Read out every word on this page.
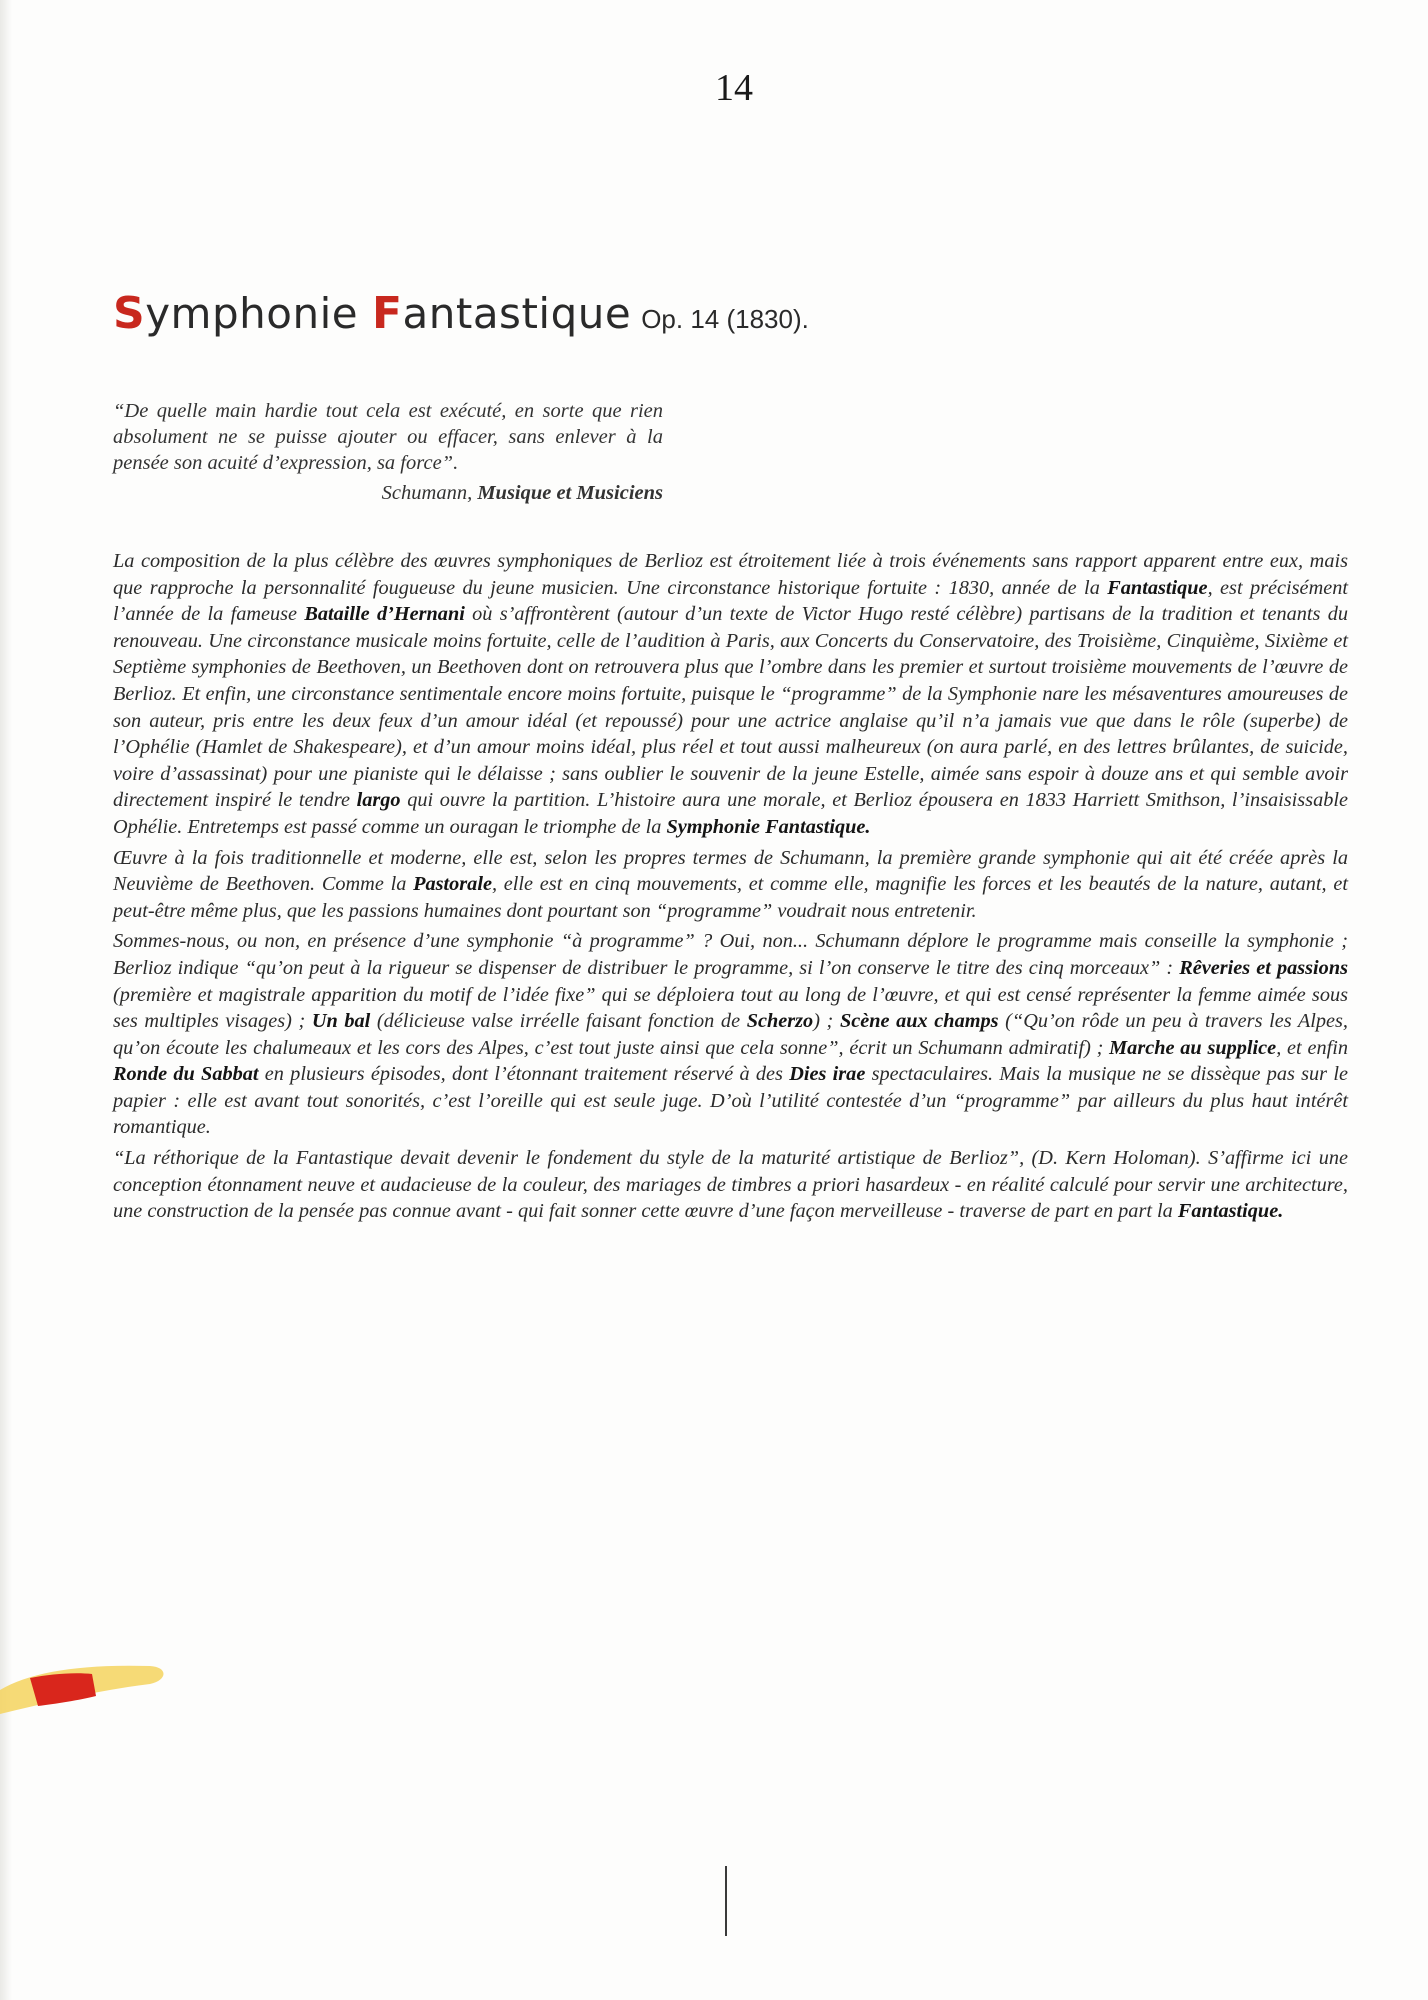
14
Symphonie Fantastique Op. 14 (1830).

“De quelle main hardie tout cela est exécuté, en sorte que rien absolument ne se puisse ajouter ou effacer, sans enlever à la pensée son acuité d’expression, sa force”.

Schumann, Musique et Musiciens

La composition de la plus célèbre des œuvres symphoniques de Berlioz est étroitement liée à trois événements sans rapport apparent entre eux, mais que rapproche la personnalité fougueuse du jeune musicien. Une circonstance historique fortuite : 1830, année de la Fantastique, est précisément l’année de la fameuse Bataille d’Hernani où s’affrontèrent (autour d’un texte de Victor Hugo resté célèbre) partisans de la tradition et tenants du renouveau. Une circonstance musicale moins fortuite, celle de l’audition à Paris, aux Concerts du Conservatoire, des Troisième, Cinquième, Sixième et Septième symphonies de Beethoven, un Beethoven dont on retrouvera plus que l’ombre dans les premier et surtout troisième mouvements de l’œuvre de Berlioz. Et enfin, une circonstance sentimentale encore moins fortuite, puisque le “programme” de la Symphonie nare les mésaventures amoureuses de son auteur, pris entre les deux feux d’un amour idéal (et repoussé) pour une actrice anglaise qu’il n’a jamais vue que dans le rôle (superbe) de l’Ophélie (Hamlet de Shakespeare), et d’un amour moins idéal, plus réel et tout aussi malheureux (on aura parlé, en des lettres brûlantes, de suicide, voire d’assassinat) pour une pianiste qui le délaisse ; sans oublier le souvenir de la jeune Estelle, aimée sans espoir à douze ans et qui semble avoir directement inspiré le tendre largo qui ouvre la partition. L’histoire aura une morale, et Berlioz épousera en 1833 Harriett Smithson, l’insaisissable Ophélie. Entretemps est passé comme un ouragan le triomphe de la Symphonie Fantastique.

Œuvre à la fois traditionnelle et moderne, elle est, selon les propres termes de Schumann, la première grande symphonie qui ait été créée après la Neuvième de Beethoven. Comme la Pastorale, elle est en cinq mouvements, et comme elle, magnifie les forces et les beautés de la nature, autant, et peut-être même plus, que les passions humaines dont pourtant son “programme” voudrait nous entretenir.

Sommes-nous, ou non, en présence d’une symphonie “à programme” ? Oui, non... Schumann déplore le programme mais conseille la symphonie ; Berlioz indique “qu’on peut à la rigueur se dispenser de distribuer le programme, si l’on conserve le titre des cinq morceaux” : Rêveries et passions (première et magistrale apparition du motif de l’idée fixe” qui se déploiera tout au long de l’œuvre, et qui est censé représenter la femme aimée sous ses multiples visages) ; Un bal (délicieuse valse irréelle faisant fonction de Scherzo) ; Scène aux champs (“Qu’on rôde un peu à travers les Alpes, qu’on écoute les chalumeaux et les cors des Alpes, c’est tout juste ainsi que cela sonne”, écrit un Schumann admiratif) ; Marche au supplice, et enfin Ronde du Sabbat en plusieurs épisodes, dont l’étonnant traitement réservé à des Dies irae spectaculaires. Mais la musique ne se dissèque pas sur le papier : elle est avant tout sonorités, c’est l’oreille qui est seule juge. D’où l’utilité contestée d’un “programme” par ailleurs du plus haut intérêt romantique.

“La réthorique de la Fantastique devait devenir le fondement du style de la maturité artistique de Berlioz”, (D. Kern Holoman). S’affirme ici une conception étonnament neuve et audacieuse de la couleur, des mariages de timbres a priori hasardeux - en réalité calculé pour servir une architecture, une construction de la pensée pas connue avant - qui fait sonner cette œuvre d’une façon merveilleuse - traverse de part en part la Fantastique.
